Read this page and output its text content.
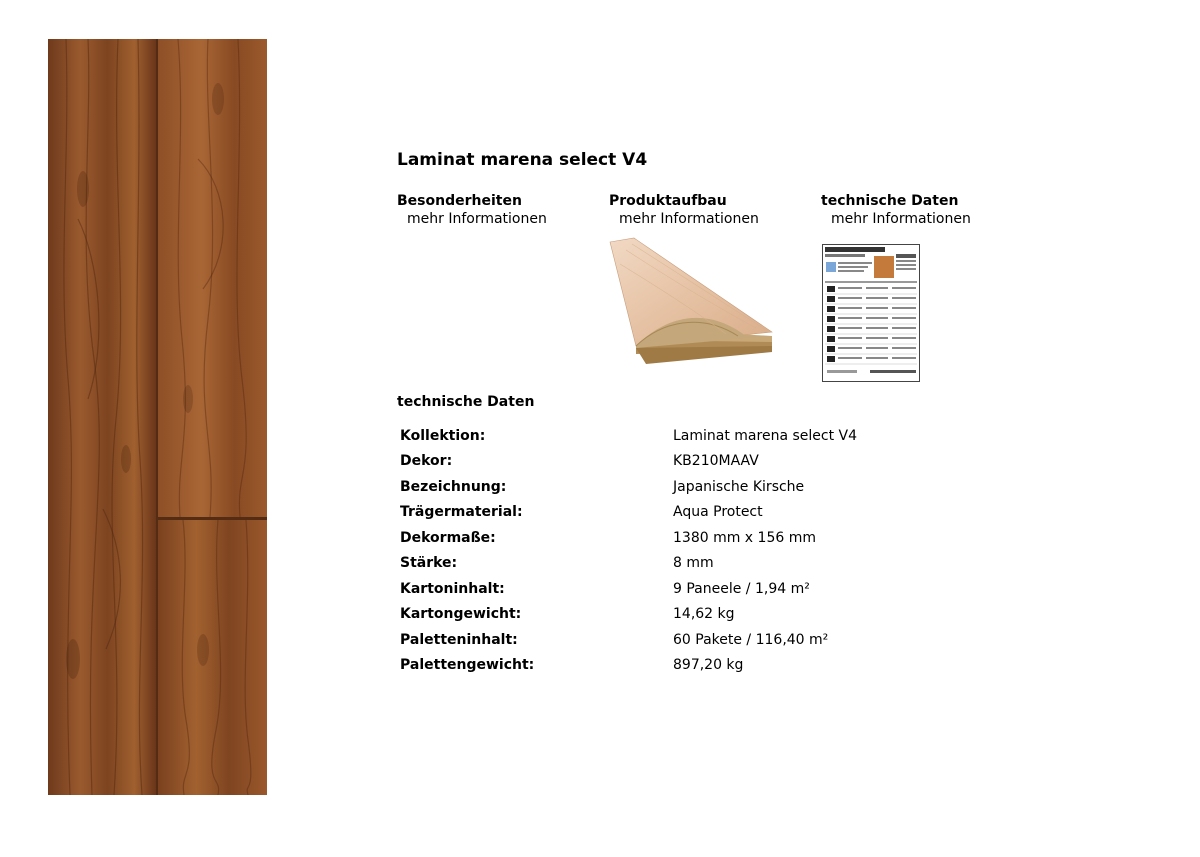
Laminat marena select V4
Besonderheiten
mehr Informationen
Produktaufbau
mehr Informationen
technische Daten
mehr Informationen
technische Daten
Kollektion:	Laminat marena select V4
Dekor:	KB210MAAV
Bezeichnung:	Japanische Kirsche
Trägermaterial:	Aqua Protect
Dekormaße:	1380 mm x 156 mm
Stärke:	8 mm
Kartoninhalt:	9 Paneele / 1,94 m²
Kartongewicht:	14,62 kg
Paletteninhalt:	60 Pakete / 116,40 m²
Palettengewicht:	897,20 kg
